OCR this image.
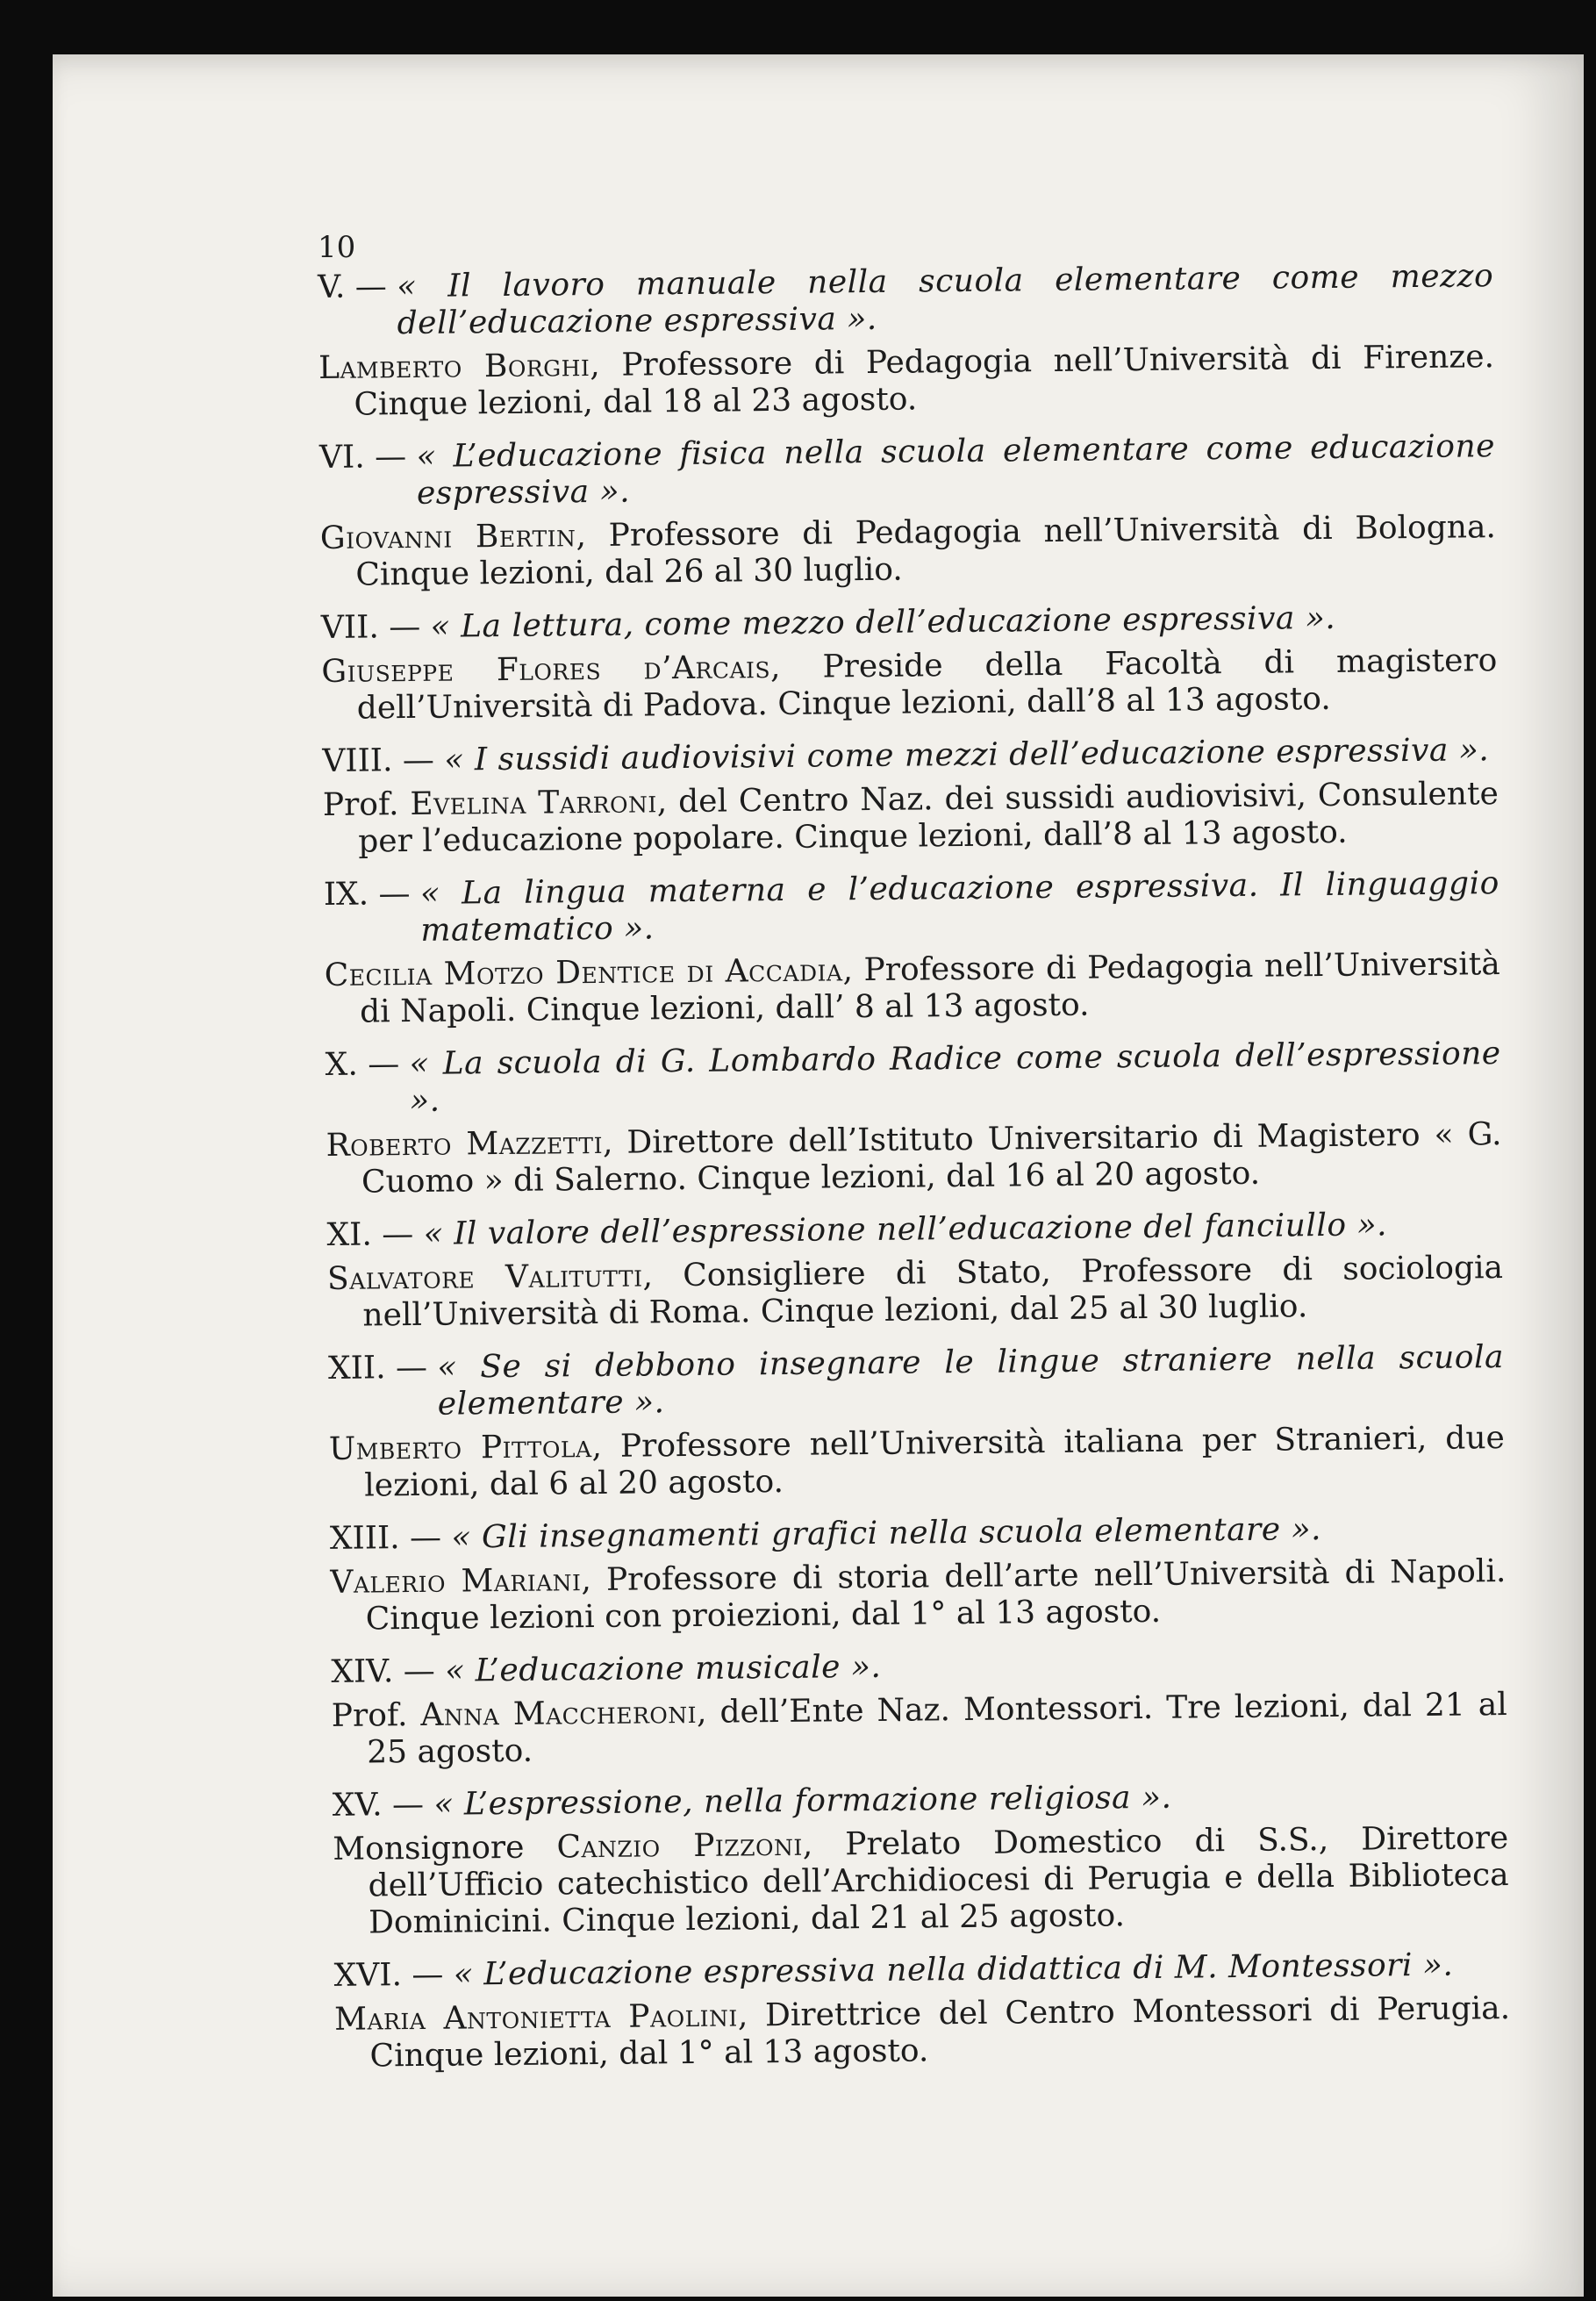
10
V. — « Il lavoro manuale nella scuola elementare come mezzo dell’educazione espressiva ».
Lamberto Borghi, Professore di Pedagogia nell’Università di Firenze. Cinque lezioni, dal 18 al 23 agosto.
VI. — « L’educazione fisica nella scuola elementare come educazione espressiva ».
Giovanni Bertin, Professore di Pedagogia nell’Università di Bologna. Cinque lezioni, dal 26 al 30 luglio.
VII. — « La lettura, come mezzo dell’educazione espressiva ».
Giuseppe Flores d’Arcais, Preside della Facoltà di magistero dell’Università di Padova. Cinque lezioni, dall’8 al 13 agosto.
VIII. — « I sussidi audiovisivi come mezzi dell’educazione espressiva ».
Prof. Evelina Tarroni, del Centro Naz. dei sussidi audiovisivi, Consulente per l’educazione popolare. Cinque lezioni, dall’8 al 13 agosto.
IX. — « La lingua materna e l’educazione espressiva. Il linguaggio matematico ».
Cecilia Motzo Dentice di Accadia, Professore di Pedagogia nell’Università di Napoli. Cinque lezioni, dall’ 8 al 13 agosto.
X. — « La scuola di G. Lombardo Radice come scuola dell’espressione ».
Roberto Mazzetti, Direttore dell’Istituto Universitario di Magistero « G. Cuomo » di Salerno. Cinque lezioni, dal 16 al 20 agosto.
XI. — « Il valore dell’espressione nell’educazione del fanciullo ».
Salvatore Valitutti, Consigliere di Stato, Professore di sociologia nell’Università di Roma. Cinque lezioni, dal 25 al 30 luglio.
XII. — « Se si debbono insegnare le lingue straniere nella scuola elementare ».
Umberto Pittola, Professore nell’Università italiana per Stranieri, due lezioni, dal 6 al 20 agosto.
XIII. — « Gli insegnamenti grafici nella scuola elementare ».
Valerio Mariani, Professore di storia dell’arte nell’Università di Napoli. Cinque lezioni con proiezioni, dal 1° al 13 agosto.
XIV. — « L’educazione musicale ».
Prof. Anna Maccheroni, dell’Ente Naz. Montessori. Tre lezioni, dal 21 al 25 agosto.
XV. — « L’espressione, nella formazione religiosa ».
Monsignore Canzio Pizzoni, Prelato Domestico di S.S., Direttore dell’Ufficio catechistico dell’Archidiocesi di Perugia e della Biblioteca Dominicini. Cinque lezioni, dal 21 al 25 agosto.
XVI. — « L’educazione espressiva nella didattica di M. Montessori ».
Maria Antonietta Paolini, Direttrice del Centro Montessori di Perugia. Cinque lezioni, dal 1° al 13 agosto.
